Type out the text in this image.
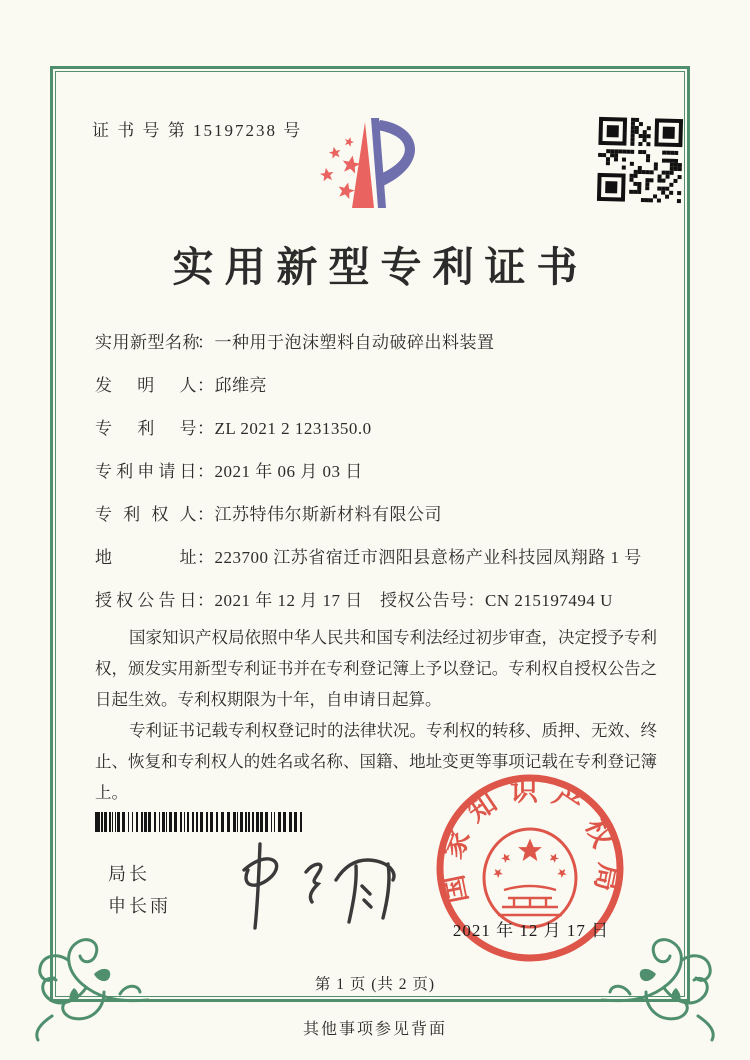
证 书 号 第 15197238 号
实用新型专利证书
实用新型名称：一种用于泡沫塑料自动破碎出料装置
发明人：邱维亮
专利号：ZL 2021 2 1231350.0
专利申请日：2021 年 06 月 03 日
专利权人：江苏特伟尔斯新材料有限公司
地址：223700 江苏省宿迁市泗阳县意杨产业科技园凤翔路 1 号
授权公告日：2021 年 12 月 17 日 授权公告号：CN 215197494 U

国家知识产权局依照中华人民共和国专利法经过初步审查，决定授予专利权，颁发实用新型专利证书并在专利登记簿上予以登记。专利权自授权公告之日起生效。专利权期限为十年，自申请日起算。

专利证书记载专利权登记时的法律状况。专利权的转移、质押、无效、终止、恢复和专利权人的姓名或名称、国籍、地址变更等事项记载在专利登记簿上。

局长
申长雨
国家知识产权局
2021 年 12 月 17 日
第 1 页 (共 2 页)
其他事项参见背面
